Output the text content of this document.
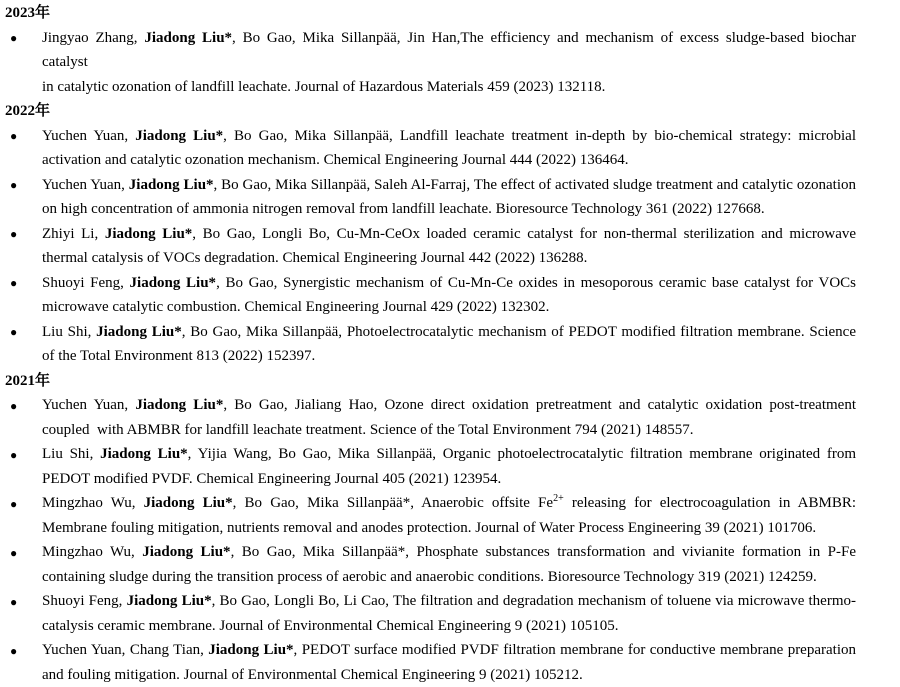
2023年
● Jingyao Zhang, Jiadong Liu*, Bo Gao, Mika Sillanpää, Jin Han,The efficiency and mechanism of excess sludge-based biochar catalyst
in catalytic ozonation of landfill leachate. Journal of Hazardous Materials 459 (2023) 132118.
2022年
● Yuchen Yuan, Jiadong Liu*, Bo Gao, Mika Sillanpää, Landfill leachate treatment in-depth by bio-chemical strategy: microbial activation and catalytic ozonation mechanism. Chemical Engineering Journal 444 (2022) 136464.
● Yuchen Yuan, Jiadong Liu*, Bo Gao, Mika Sillanpää, Saleh Al-Farraj, The effect of activated sludge treatment and catalytic ozonation on high concentration of ammonia nitrogen removal from landfill leachate. Bioresource Technology 361 (2022) 127668.
● Zhiyi Li, Jiadong Liu*, Bo Gao, Longli Bo, Cu-Mn-CeOx loaded ceramic catalyst for non-thermal sterilization and microwave thermal catalysis of VOCs degradation. Chemical Engineering Journal 442 (2022) 136288.
● Shuoyi Feng, Jiadong Liu*, Bo Gao, Synergistic mechanism of Cu-Mn-Ce oxides in mesoporous ceramic base catalyst for VOCs microwave catalytic combustion. Chemical Engineering Journal 429 (2022) 132302.
● Liu Shi, Jiadong Liu*, Bo Gao, Mika Sillanpää, Photoelectrocatalytic mechanism of PEDOT modified filtration membrane. Science of the Total Environment 813 (2022) 152397.
2021年
● Yuchen Yuan, Jiadong Liu*, Bo Gao, Jialiang Hao, Ozone direct oxidation pretreatment and catalytic oxidation post-treatment coupled  with ABMBR for landfill leachate treatment. Science of the Total Environment 794 (2021) 148557.
● Liu Shi, Jiadong Liu*, Yijia Wang, Bo Gao, Mika Sillanpää, Organic photoelectrocatalytic filtration membrane originated from PEDOT modified PVDF. Chemical Engineering Journal 405 (2021) 123954.
● Mingzhao Wu, Jiadong Liu*, Bo Gao, Mika Sillanpää*, Anaerobic offsite $Fe^{2+}$ releasing for electrocoagulation in ABMBR: Membrane fouling mitigation, nutrients removal and anodes protection. Journal of Water Process Engineering 39 (2021) 101706.
● Mingzhao Wu, Jiadong Liu*, Bo Gao, Mika Sillanpää*, Phosphate substances transformation and vivianite formation in P-Fe containing sludge during the transition process of aerobic and anaerobic conditions. Bioresource Technology 319 (2021) 124259.
● Shuoyi Feng, Jiadong Liu*, Bo Gao, Longli Bo, Li Cao, The filtration and degradation mechanism of toluene via microwave thermo-catalysis ceramic membrane. Journal of Environmental Chemical Engineering 9 (2021) 105105.
● Yuchen Yuan, Chang Tian, Jiadong Liu*, PEDOT surface modified PVDF filtration membrane for conductive membrane preparation and fouling mitigation. Journal of Environmental Chemical Engineering 9 (2021) 105212.
